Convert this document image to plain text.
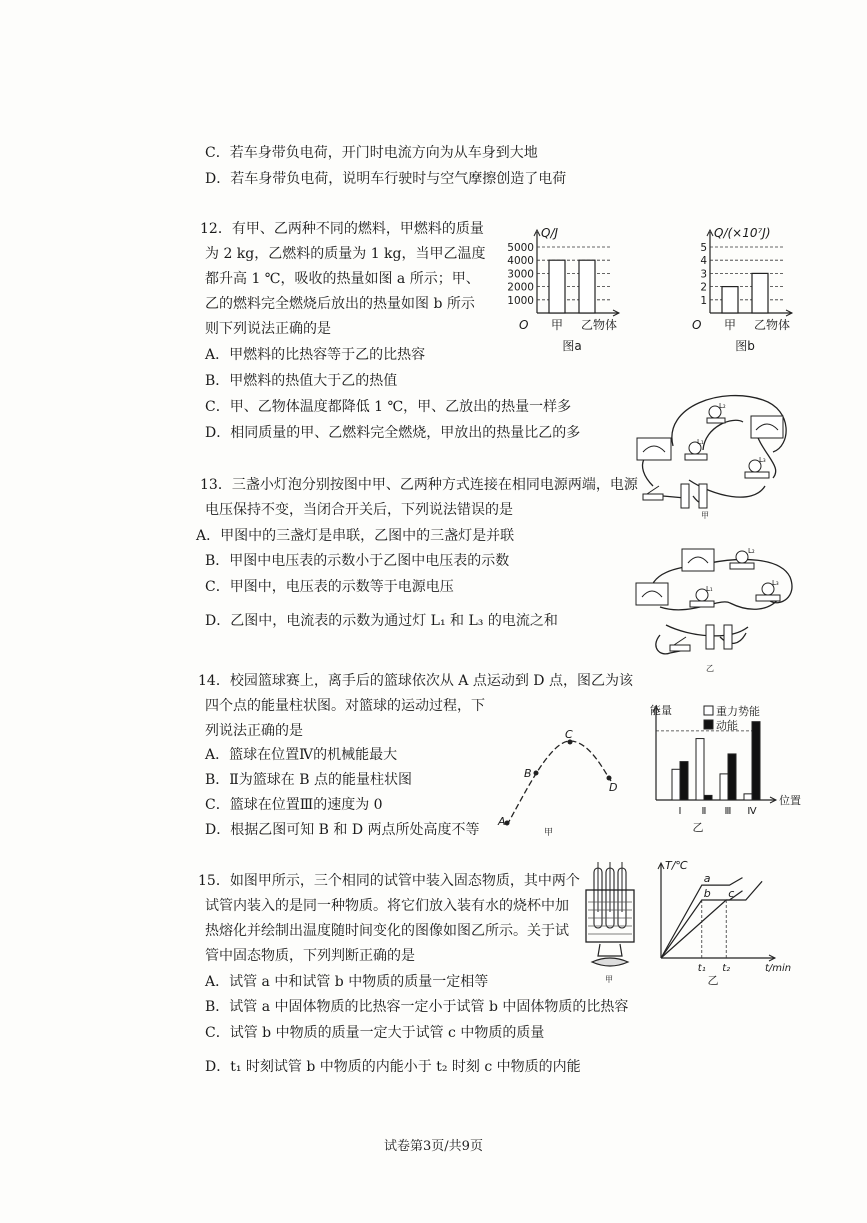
C．若车身带负电荷，开门时电流方向为从车身到大地
D．若车身带负电荷，说明车行驶时与空气摩擦创造了电荷
12．有甲、乙两种不同的燃料，甲燃料的质量
为 2 kg，乙燃料的质量为 1 kg，当甲乙温度
都升高 1 ℃，吸收的热量如图 a 所示；甲、
乙的燃料完全燃烧后放出的热量如图 b 所示
则下列说法正确的是
A．甲燃料的比热容等于乙的比热容
B．甲燃料的热值大于乙的热值
C．甲、乙物体温度都降低 1 ℃，甲、乙放出的热量一样多
D．相同质量的甲、乙燃料完全燃烧，甲放出的热量比乙的多
1000
2000
3000
4000
5000
甲 乙
Q/J
物体
O
图a
1
2
3
4
5
甲 乙
Q/(×10⁷J)
物体
O
图b
13．三盏小灯泡分别按图中甲、乙两种方式连接在相同电源两端，电源
电压保持不变，当闭合开关后，下列说法错误的是
A．甲图中的三盏灯是串联，乙图中的三盏灯是并联
B．甲图中电压表的示数小于乙图中电压表的示数
C．甲图中，电压表的示数等于电源电压
D．乙图中，电流表的示数为通过灯 L₁ 和 L₃ 的电流之和
L₂
L₁
L₃
甲
L₂
L₁
L₃
乙
14．校园篮球赛上，离手后的篮球依次从 A 点运动到 D 点，图乙为该
四个点的能量柱状图。对篮球的运动过程，下
列说法正确的是
A．篮球在位置Ⅳ的机械能最大
B．Ⅱ为篮球在 B 点的能量柱状图
C．篮球在位置Ⅲ的速度为 0
D．根据乙图可知 B 和 D 两点所处高度不等
A
B
C
D
甲
Ⅰ Ⅱ Ⅲ Ⅳ
能量
位置
乙
重力势能
动能
15．如图甲所示，三个相同的试管中装入固态物质，其中两个
试管内装入的是同一种物质。将它们放入装有水的烧杯中加
热熔化并绘制出温度随时间变化的图像如图乙所示。关于试
管中固态物质，下列判断正确的是
A．试管 a 中和试管 b 中物质的质量一定相等
B．试管 a 中固体物质的比热容一定小于试管 b 中固体物质的比热容
C．试管 b 中物质的质量一定大于试管 c 中物质的质量
D．t₁ 时刻试管 b 中物质的内能小于 t₂ 时刻 c 中物质的内能
甲
a
b c
t₁ t₂
T/℃
t/min
乙
试卷第3页/共9页
